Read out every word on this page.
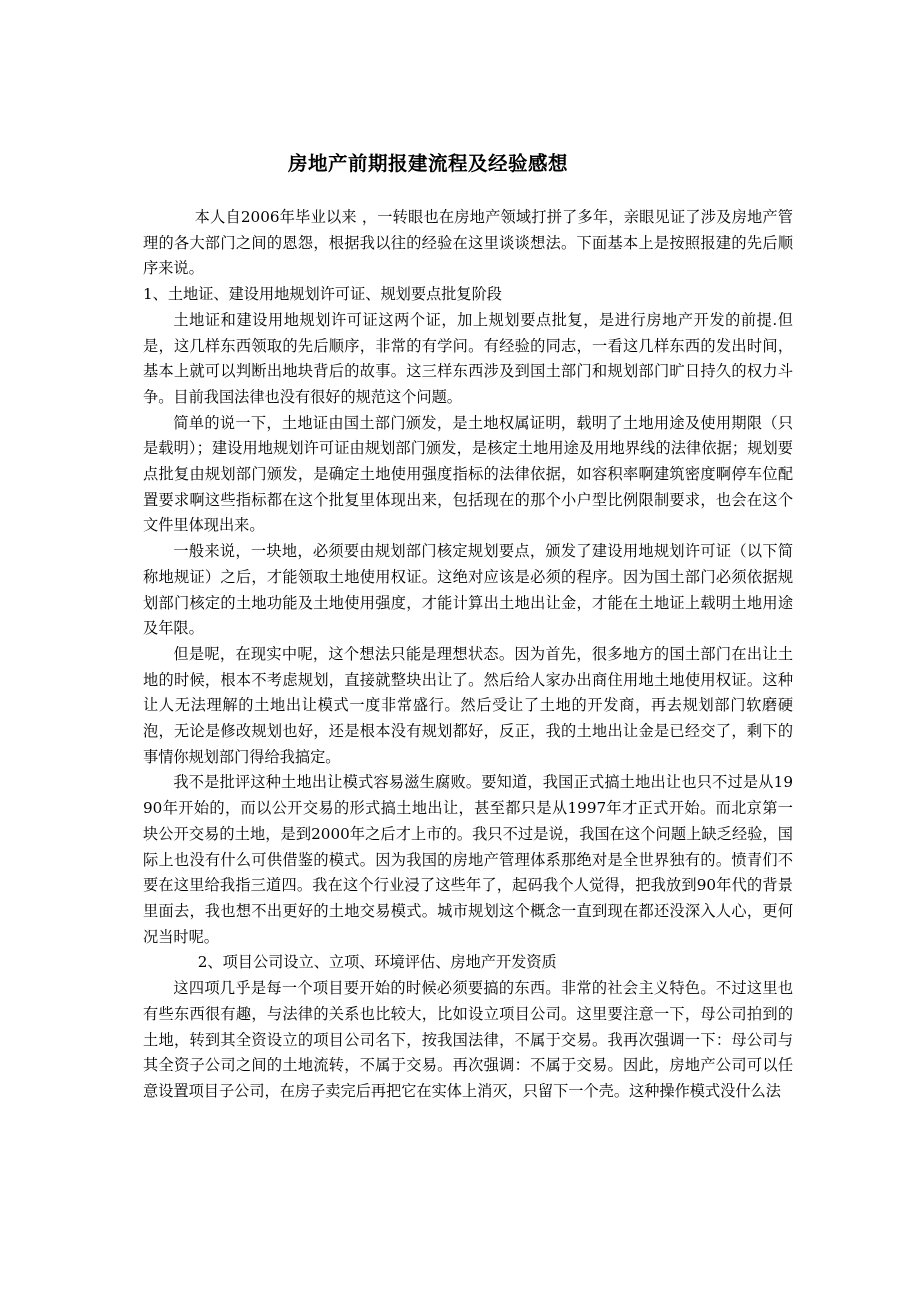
房地产前期报建流程及经验感想

本人自2006年毕业以来 ，一转眼也在房地产领域打拼了多年，亲眼见证了涉及房地产管理的各大部门之间的恩怨，根据我以往的经验在这里谈谈想法。下面基本上是按照报建的先后顺序来说。

1、土地证、建设用地规划许可证、规划要点批复阶段

土地证和建设用地规划许可证这两个证，加上规划要点批复，是进行房地产开发的前提.但是，这几样东西领取的先后顺序，非常的有学问。有经验的同志，一看这几样东西的发出时间，基本上就可以判断出地块背后的故事。这三样东西涉及到国土部门和规划部门旷日持久的权力斗争。目前我国法律也没有很好的规范这个问题。

简单的说一下，土地证由国土部门颁发，是土地权属证明，载明了土地用途及使用期限（只是载明）；建设用地规划许可证由规划部门颁发，是核定土地用途及用地界线的法律依据；规划要点批复由规划部门颁发，是确定土地使用强度指标的法律依据，如容积率啊建筑密度啊停车位配置要求啊这些指标都在这个批复里体现出来，包括现在的那个小户型比例限制要求，也会在这个文件里体现出来。

一般来说，一块地，必须要由规划部门核定规划要点，颁发了建设用地规划许可证（以下简称地规证）之后，才能领取土地使用权证。这绝对应该是必须的程序。因为国土部门必须依据规划部门核定的土地功能及土地使用强度，才能计算出土地出让金，才能在土地证上载明土地用途及年限。

但是呢，在现实中呢，这个想法只能是理想状态。因为首先，很多地方的国土部门在出让土地的时候，根本不考虑规划，直接就整块出让了。然后给人家办出商住用地土地使用权证。这种让人无法理解的土地出让模式一度非常盛行。然后受让了土地的开发商，再去规划部门软磨硬泡，无论是修改规划也好，还是根本没有规划都好，反正，我的土地出让金是已经交了，剩下的事情你规划部门得给我搞定。

我不是批评这种土地出让模式容易滋生腐败。要知道，我国正式搞土地出让也只不过是从1990年开始的，而以公开交易的形式搞土地出让，甚至都只是从1997年才正式开始。而北京第一块公开交易的土地，是到2000年之后才上市的。我只不过是说，我国在这个问题上缺乏经验，国际上也没有什么可供借鉴的模式。因为我国的房地产管理体系那绝对是全世界独有的。愤青们不要在这里给我指三道四。我在这个行业浸了这些年了，起码我个人觉得，把我放到90年代的背景里面去，我也想不出更好的土地交易模式。城市规划这个概念一直到现在都还没深入人心，更何况当时呢。

2、项目公司设立、立项、环境评估、房地产开发资质

这四项几乎是每一个项目要开始的时候必须要搞的东西。非常的社会主义特色。不过这里也有些东西很有趣，与法律的关系也比较大，比如设立项目公司。这里要注意一下，母公司拍到的土地，转到其全资设立的项目公司名下，按我国法律，不属于交易。我再次强调一下：母公司与其全资子公司之间的土地流转，不属于交易。再次强调：不属于交易。因此，房地产公司可以任意设置项目子公司，在房子卖完后再把它在实体上消灭，只留下一个壳。这种操作模式没什么法
